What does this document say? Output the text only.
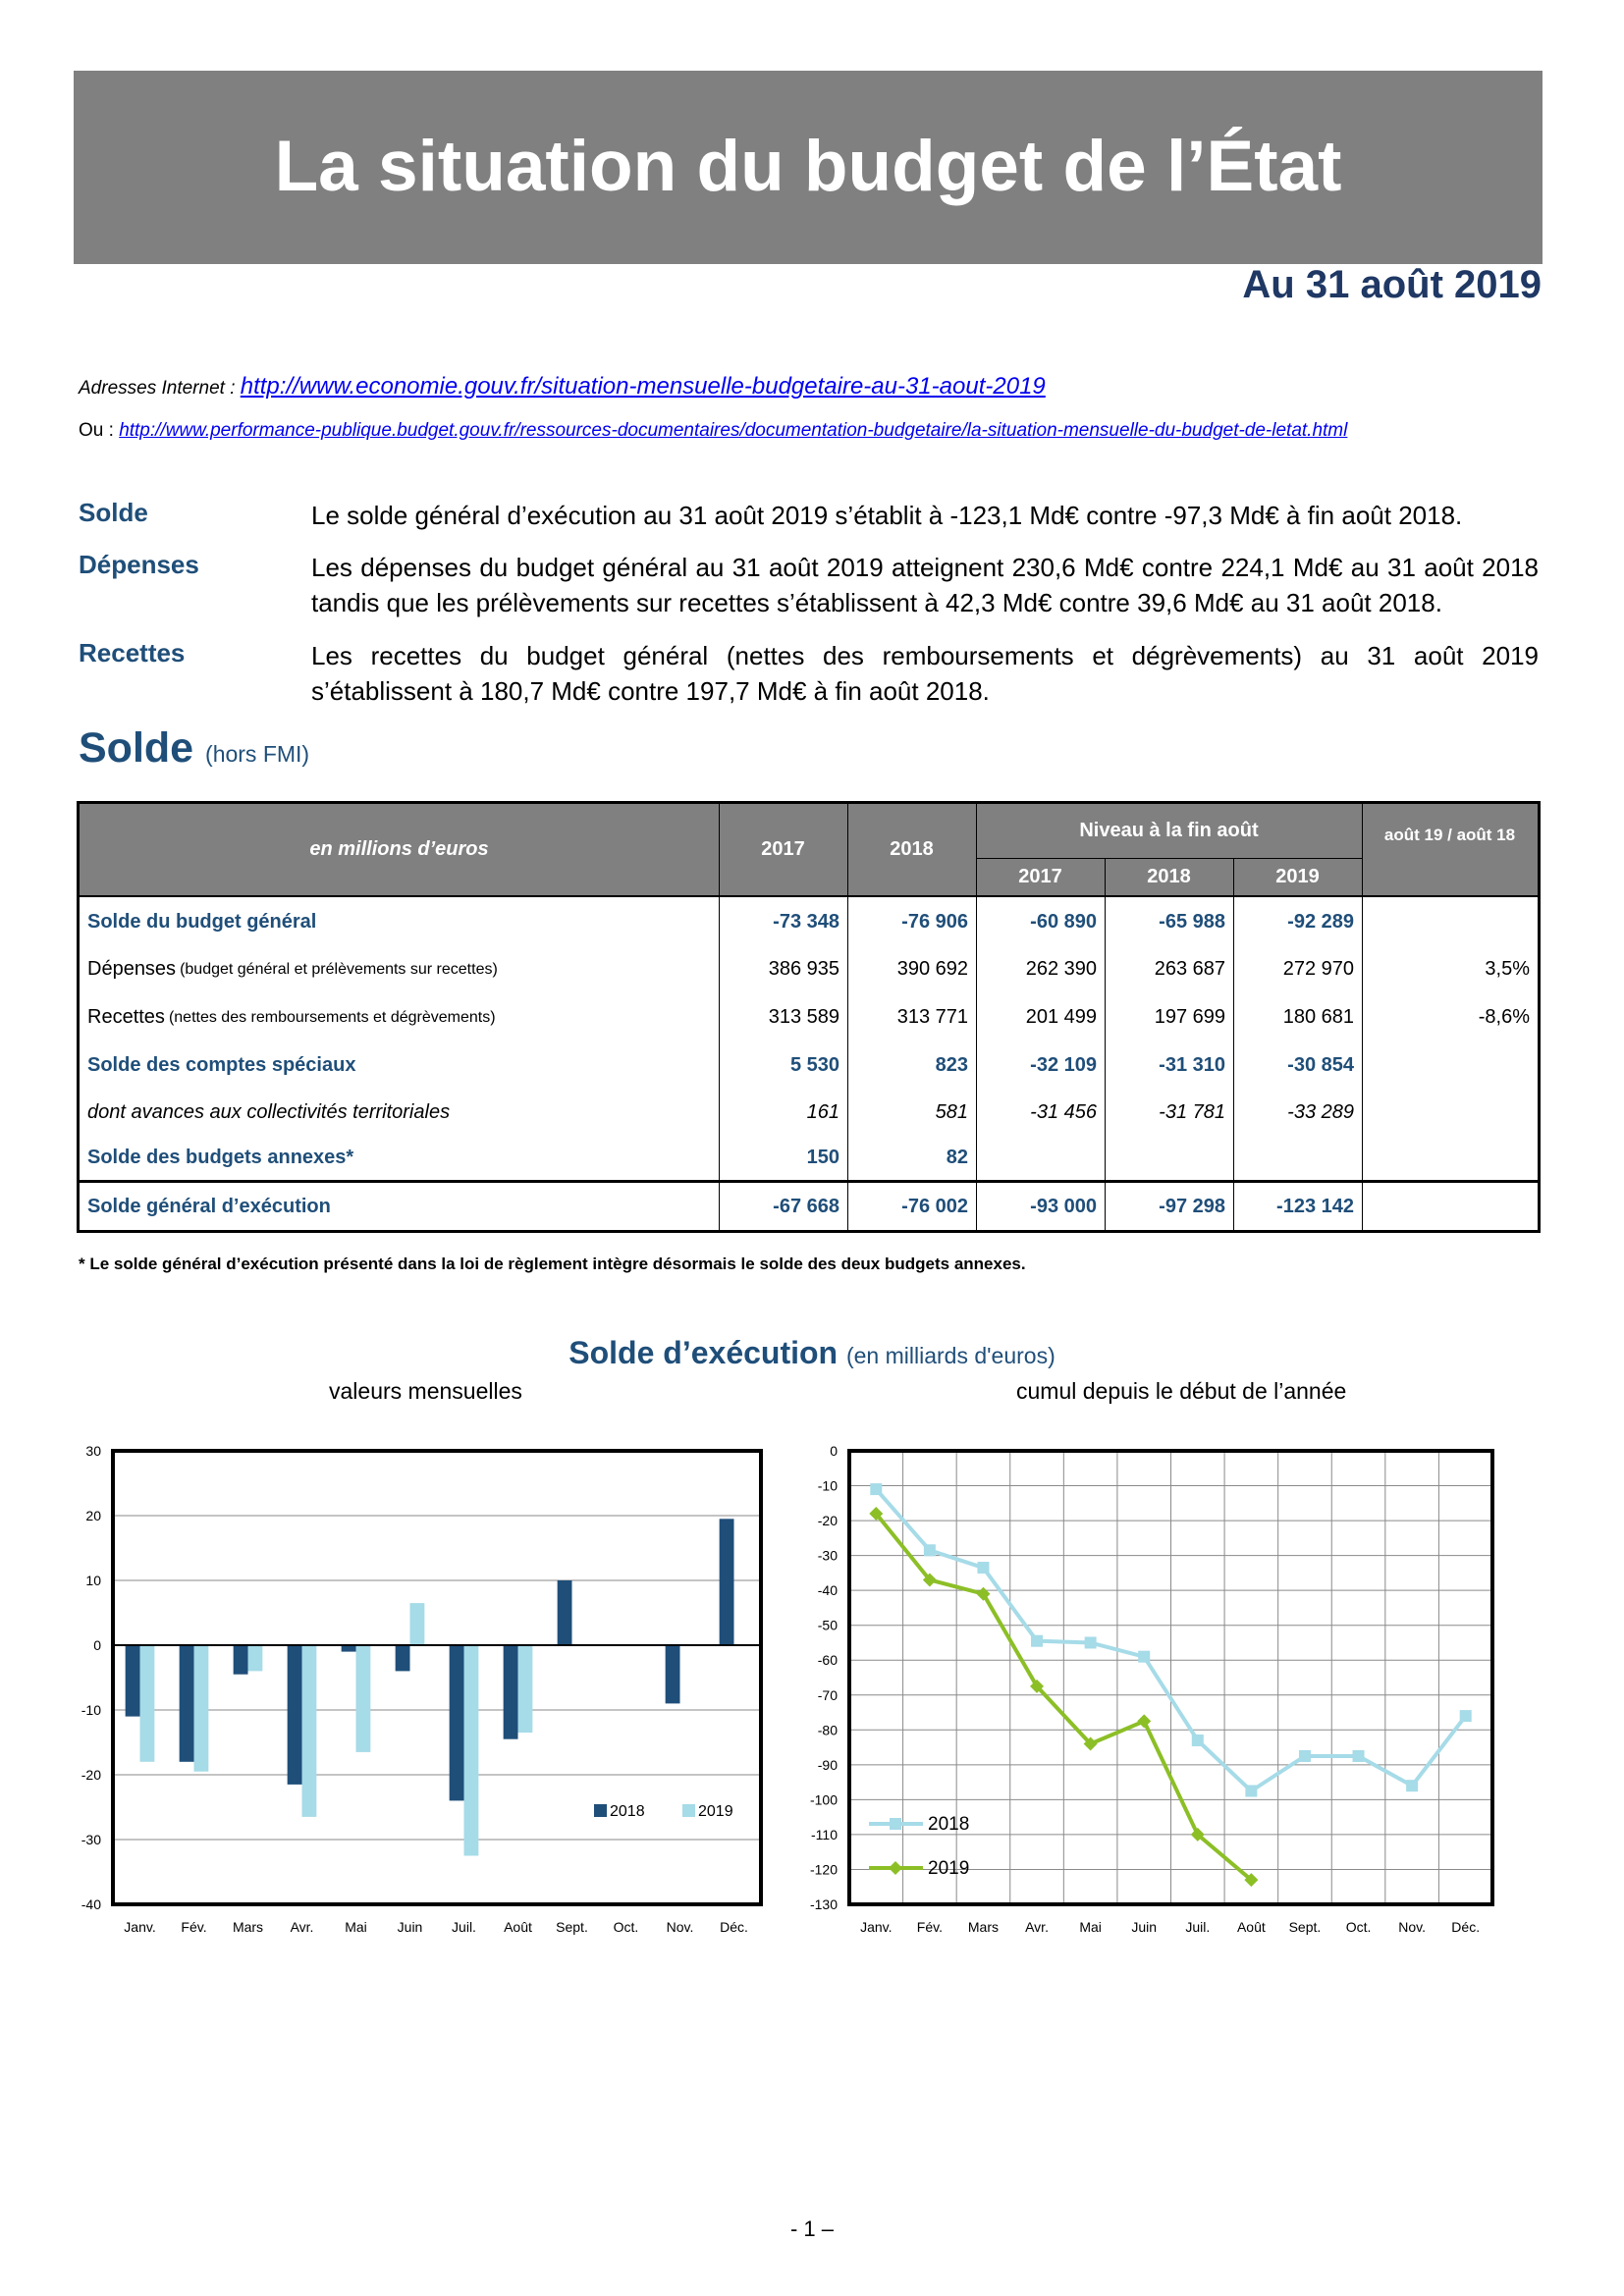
La situation du budget de l’État
Au 31 août 2019
Adresses Internet : http://www.economie.gouv.fr/situation-mensuelle-budgetaire-au-31-aout-2019
Ou : http://www.performance-publique.budget.gouv.fr/ressources-documentaires/documentation-budgetaire/la-situation-mensuelle-du-budget-de-letat.html
Solde	Le solde général d’exécution au 31 août 2019 s’établit à -123,1 Md€ contre -97,3 Md€ à fin août 2018.
Dépenses	Les dépenses du budget général au 31 août 2019 atteignent 230,6 Md€ contre 224,1 Md€ au 31 août 2018 tandis que les prélèvements sur recettes s’établissent à 42,3 Md€ contre 39,6 Md€ au 31 août 2018.
Recettes	Les recettes du budget général (nettes des remboursements et dégrèvements) au 31 août 2019 s’établissent à 180,7 Md€ contre 197,7 Md€ à fin août 2018.
Solde (hors FMI)
en millions d’euros	2017	2018
Niveau à la fin août
2017	2018	2019
août 19 / août 18
Solde du budget général	-73 348	-76 906	-60 890	-65 988	-92 289
Dépenses (budget général et prélèvements sur recettes)	386 935	390 692	262 390	263 687	272 970	3,5%
Recettes (nettes des remboursements et dégrèvements)	313 589	313 771	201 499	197 699	180 681	-8,6%
Solde des comptes spéciaux	5 530	823	-32 109	-31 310	-30 854
dont avances aux collectivités territoriales	161	581	-31 456	-31 781	-33 289
Solde des budgets annexes*	150	82
Solde général d’exécution	-67 668	-76 002	-93 000	-97 298	-123 142
* Le solde général d’exécution présenté dans la loi de règlement intègre désormais le solde des deux budgets annexes.
Solde d’exécution (en milliards d'euros)
valeurs mensuelles	cumul depuis le début de l’année
30
20
10
0
-10
-20
-30
-40
Janv. Fév. Mars Avr. Mai Juin Juil. Août Sept. Oct. Nov. Déc.
2018	2019
0
-10
-20
-30
-40
-50
-60
-70
-80
-90
-100
-110
-120
-130
Janv. Fév. Mars Avr. Mai Juin Juil. Août Sept. Oct. Nov. Déc.
2018
2019
- 1 –
